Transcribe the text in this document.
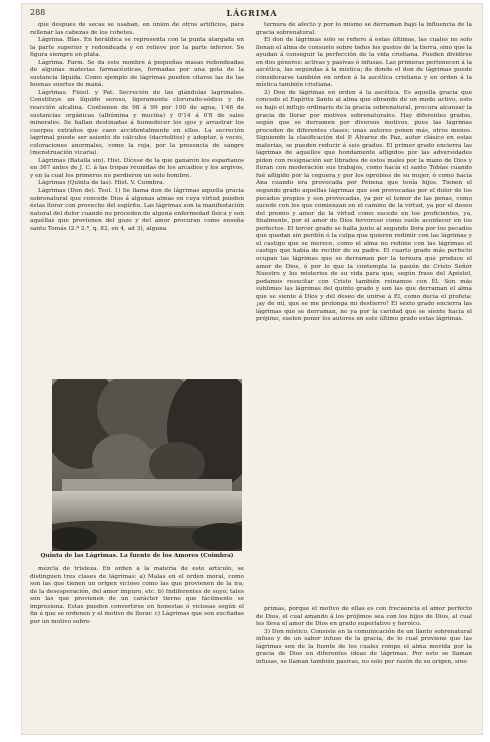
288	LÁGRIMA

que después de secas se usaban, en unión de otros artificios, para rellenar las cabezas de los cohetes.

Lágrima. Blas. En heráldica se representa con la punta alargada en la parte superior y redondeada y en relieve por la parte inferior. Se figura siempre en plata.

Lágrima. Farm. Se da este nombre á pequeñas masas redondeadas de algunas materias farmacéuticas, formadas por una gota de la sustancia líquida. Como ejemplo de lágrimas pueden citarse las de las buenas suertes de maná.

Lágrimas. Fisiol. y Pat. Secreción de las glándulas lagrimales. Constituye un líquido seroso, ligeramente clorurado-sódico y de reacción alcalina. Contienen de 98 á 99 por 100 de agua, 1'46 de sustancias orgánicas (albúmina y mucina) y 0'14 á 0'8 de sales minerales. Se hallan destinadas á humedecer los ojos y arrastrar los cuerpos extraños que caen accidentalmente en ellos. La secreción lagrimal puede ser asiento de cálculos (dacriolitos) y adoptar, á veces, coloraciones anormales, como la roja, por la presencia de sangre (menstruación vicaria).

Lágrimas (Batalla sin). Hist. Dícese de la que ganaron los espartanos en 367 antes de J. C. á las tropas reunidas de los arcadios y los argivos, y en la cual los primeros no perdieron un solo hombre.

Lágrimas (Quinta de las). Hist. V. Coimbra.

Lágrimas (Don de). Teol. 1) Se llama don de lágrimas aquella gracia sobrenatural que concede Dios á algunas almas en cuya virtud pueden éstas llorar con provecho del espíritu. Las lágrimas son la manifestación natural del dolor cuando no proceden de alguna enfermedad física y son aquéllas que provienen del gozo y del amor procuran como enseña santo Tomás (2.ª 2.ª, q. 82, en 4, ad 3), alguna

ternura de afecto y por lo mismo se derraman bajo la influencia de la gracia sobrenatural.

El don de lágrimas solo se refiere á estas últimas, las cuales no solo llenan el alma de consuelo sobre todos los gustos de la tierra, sino que la ayudan á conseguir la perfección de la vida cristiana. Pueden dividirse en dos géneros: activas y pasivas ó infusas. Las primeras pertenecen á la ascética, las segundas á la mística; de donde el don de lágrimas puede considerarse también en orden á la ascética cristiana y en orden á la mística también cristiana.

2) Don de lágrimas en orden á la ascética. Es aquella gracia que concede el Espíritu Santo al alma que obrando de un modo activo, esto es bajo el influjo ordinario de la gracia sobrenatural, procura alcanzar la gracia de llorar por motivos sobrenaturales. Hay diferentes grados, según que se derramen por diversos motivos, pues las lágrimas proceden de diferentes clases; unas autores ponen más, otros menos. Siguiendo la clasificación del P. Álvarez de Paz, autor clásico en estas materias, se pueden reducir á seis grados. El primer grado encierra las lágrimas de aquellos que hondamente afligidos por las adversidades piden con resignación ser librados de estos males por la mano de Dios y lloran con moderación sus trabajos, como hacía el santo Tobías cuando fué afligido por la ceguera y por los oprobios de su mujer, ó como hacía Ana cuando era provocada por Penena que tenía hijos. Tienen el segundo grado aquellas lágrimas que son provocadas por el dolor de los pecados propios y son provocadas, ya por el temor de las penas, como sucede con los que comienzan en el camino de la virtud, ya por el deseo del premio y amor de la virtud como sucede en los proficientes, ya, finalmente, por el amor de Dios fervoroso como suele acontecer en los perfectos. El tercer grado se halla junto al segundo llora por los pecados que quedan sin perdón ó la culpa que quieren redimir con las lágrimas y el castigo que se merece, como el alma no redime con las lágrimas el castigo que había de recibir de su padre. El cuarto grado más perfecto ocupan las lágrimas que se derraman por la ternura que produce el amor de Dios, ó por lo que la contempla la pasión de Cristo Señor Nuestro y los misterios de su vida para que, según frase del Apóstol, podamos resucitar con Cristo también reinamos con Él. Son más sublimes las lágrimas del quinto grado y son las que derraman el alma que se siente á Dios y del deseo de unirse á Él, como decía el profeta: ¡ay de mí, que se me prolonga mi destierro! El sexto grado encierra las lágrimas que se derraman, no ya por la caridad que se siente hacia el prójimo, suelen poner los autores en este último grado estas lágrimas.

Quinta de las Lágrimas. La fuente de los Amores (Coimbra)

mezcla de tristeza. En orden á la materia de este artículo, se distinguen tres clases de lágrimas: a) Malas en el orden moral, como son las que tienen un origen vicioso como las que provienen de la ira, de la desesperación, del amor impuro, etc. b) Indiferentes de suyo; tales son las que provienen de un carácter tierno que fácilmente se impresiona. Estas pueden convertirse en honestas ó viciosas según el fin á que se ordenen y el motivo de llorar. c) Lágrimas que son excitadas por un motivo sobre-

primas, porque el motivo de ellas es con frecuencia el amor perfecto de Dios, el cual amando á los prójimos sea con los hijos de Dios, al cual les lleva el amor de Dios en grado superlativo y heroico.

3) Don místico. Consiste en la comunicación de un llanto sobrenatural infuso y de un sabor infuso de la gracia, de lo cual proviene que las lágrimas son de la fuente de los cuales rompe el alma movida por la gracia de Dios en diferentes ideas de lágrimas. Por esto se llaman infusas, se llaman también pasivas, no solo por razón de su origen, sino
